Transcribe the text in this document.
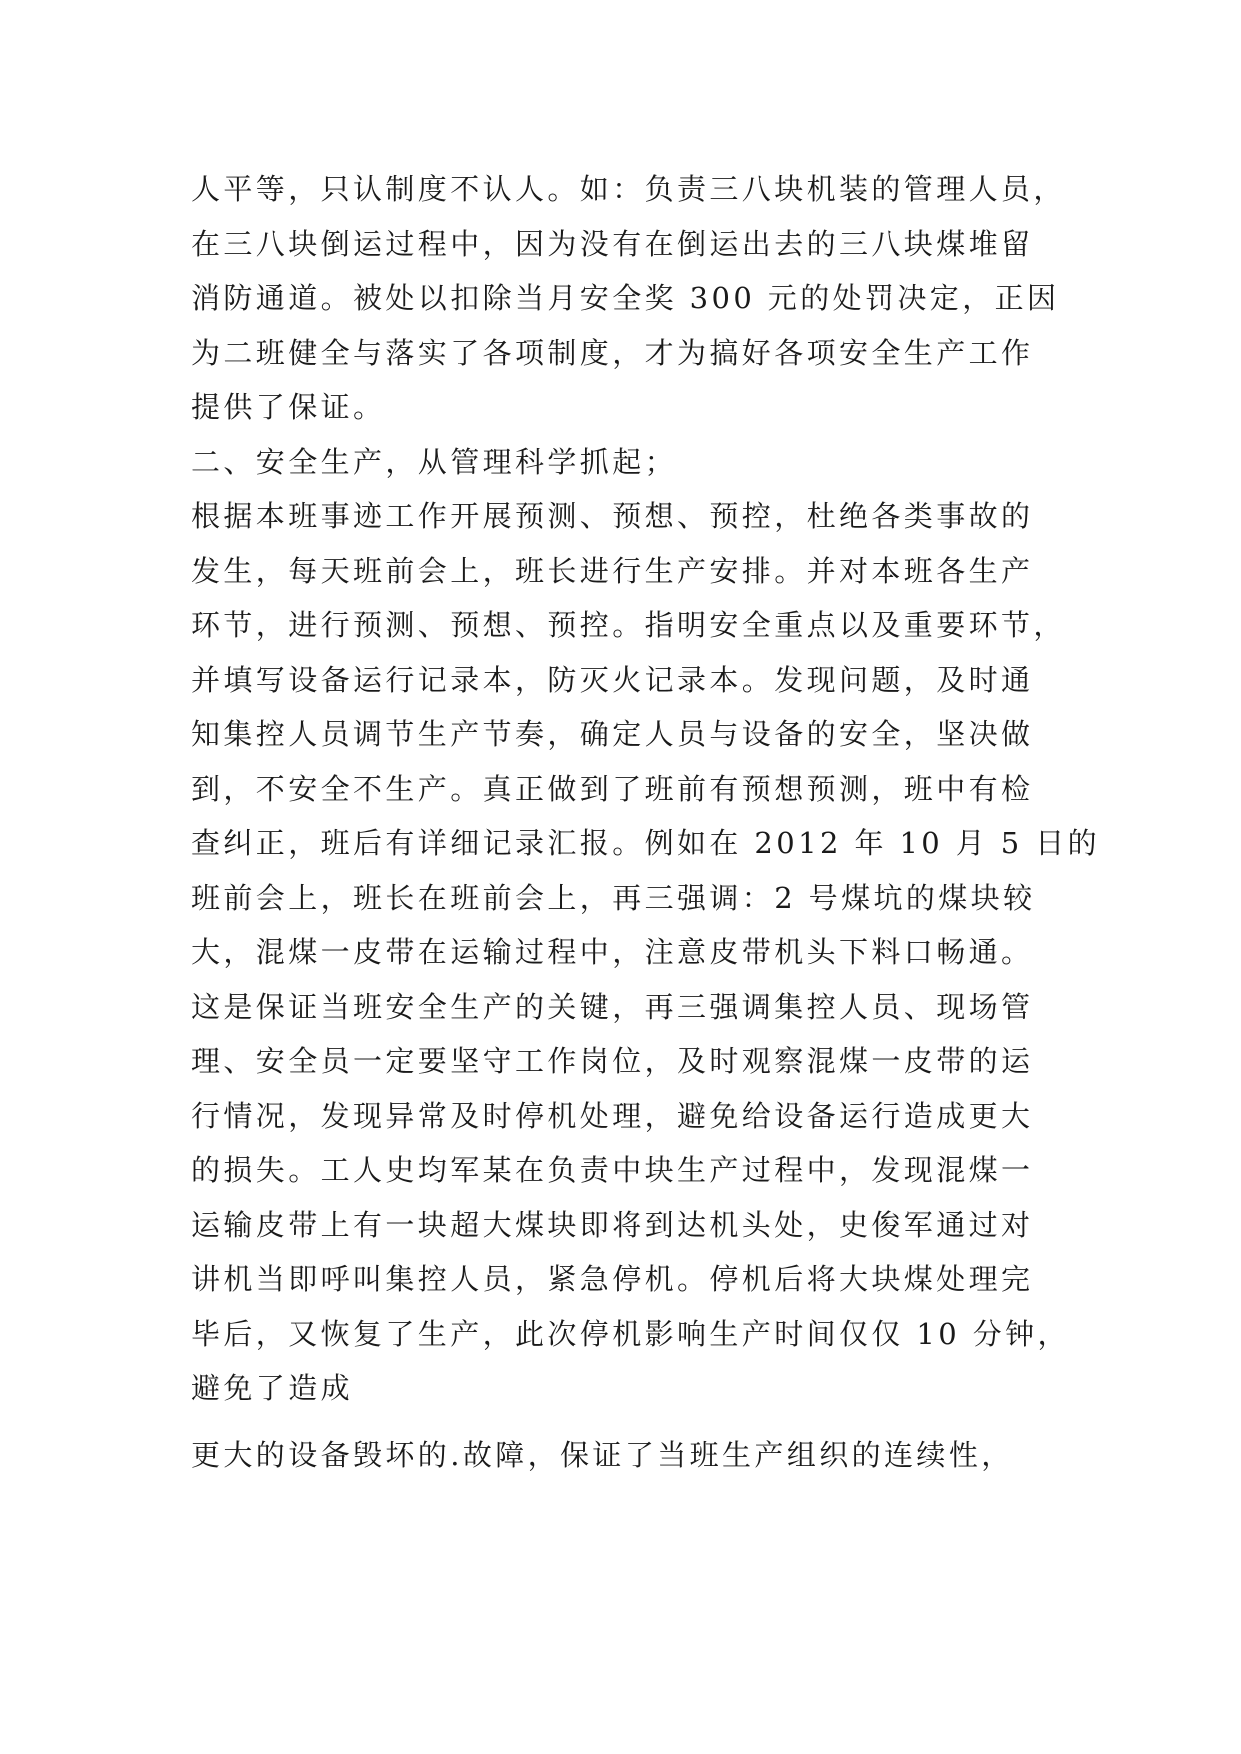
人平等，只认制度不认人。如：负责三八块机装的管理人员，
在三八块倒运过程中，因为没有在倒运出去的三八块煤堆留
消防通道。被处以扣除当月安全奖 300 元的处罚决定，正因
为二班健全与落实了各项制度，才为搞好各项安全生产工作
提供了保证。
二、安全生产，从管理科学抓起；
根据本班事迹工作开展预测、预想、预控，杜绝各类事故的
发生，每天班前会上，班长进行生产安排。并对本班各生产
环节，进行预测、预想、预控。指明安全重点以及重要环节，
并填写设备运行记录本，防灭火记录本。发现问题，及时通
知集控人员调节生产节奏，确定人员与设备的安全，坚决做
到，不安全不生产。真正做到了班前有预想预测，班中有检
查纠正，班后有详细记录汇报。例如在 2012 年 10 月 5 日的
班前会上，班长在班前会上，再三强调：2 号煤坑的煤块较
大，混煤一皮带在运输过程中，注意皮带机头下料口畅通。
这是保证当班安全生产的关键，再三强调集控人员、现场管
理、安全员一定要坚守工作岗位，及时观察混煤一皮带的运
行情况，发现异常及时停机处理，避免给设备运行造成更大
的损失。工人史均军某在负责中块生产过程中，发现混煤一
运输皮带上有一块超大煤块即将到达机头处，史俊军通过对
讲机当即呼叫集控人员，紧急停机。停机后将大块煤处理完
毕后，又恢复了生产，此次停机影响生产时间仅仅 10 分钟，
避免了造成
更大的设备毁坏的.故障，保证了当班生产组织的连续性，
